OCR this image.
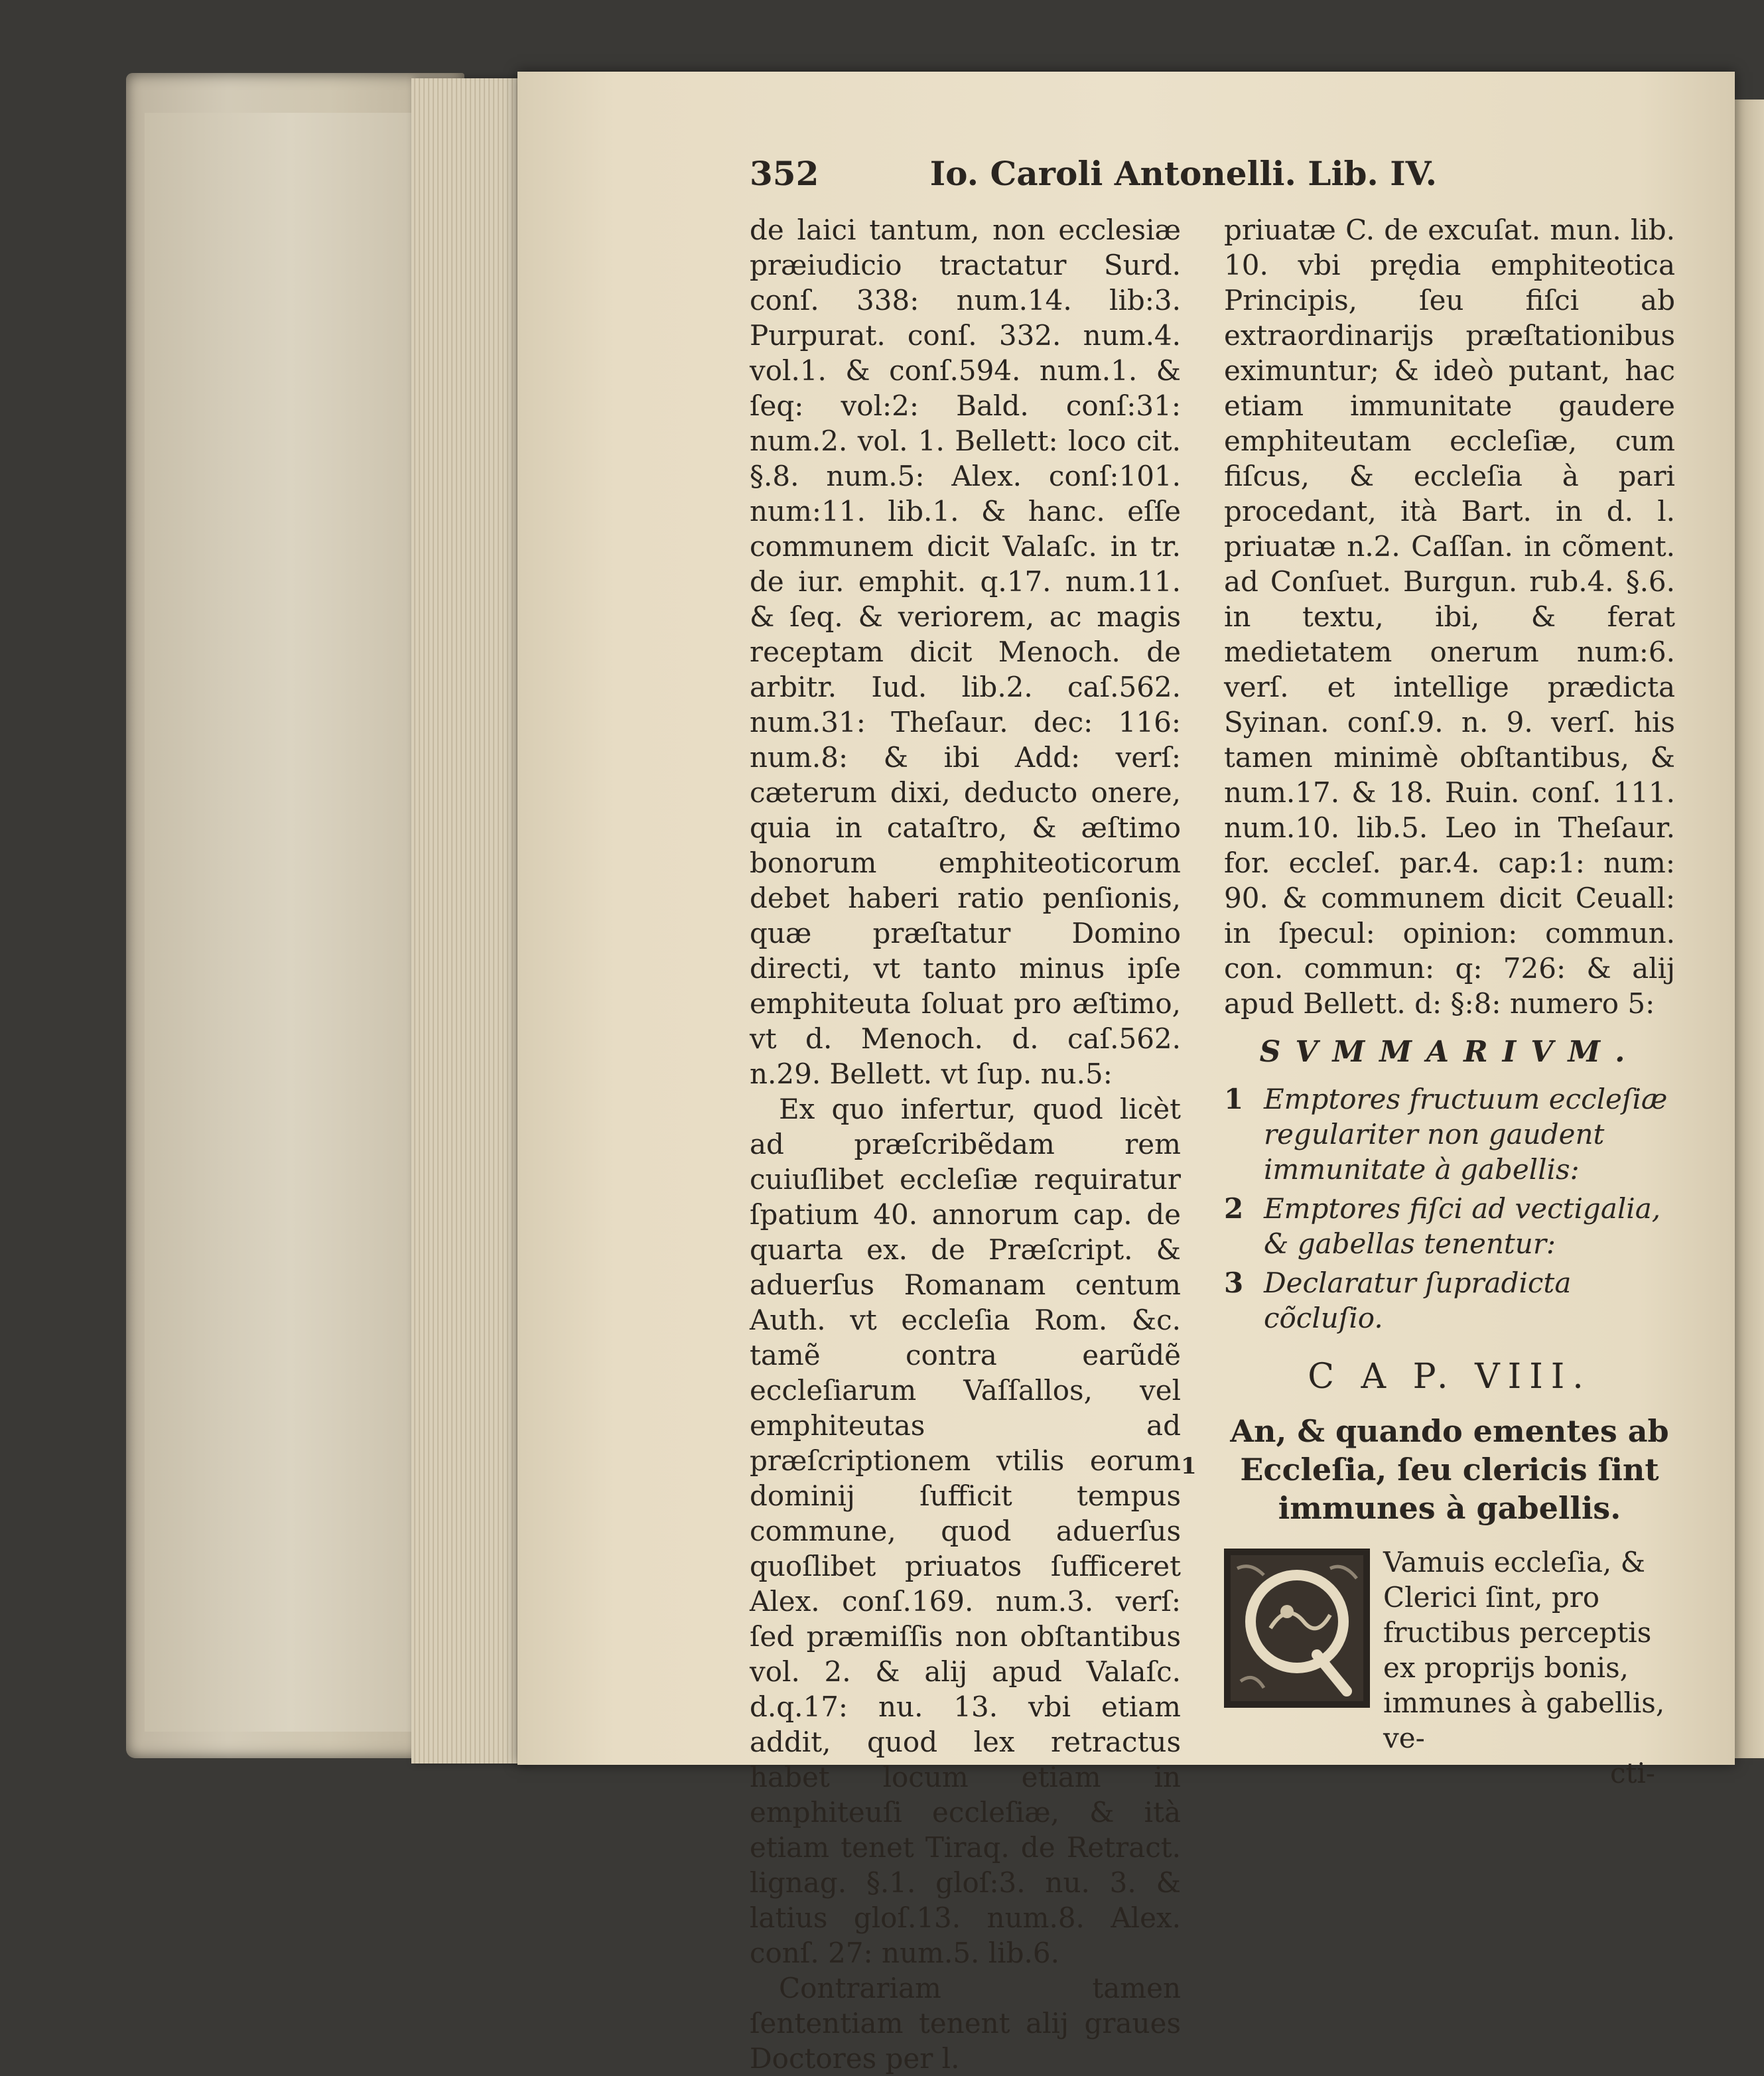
352	Io. Caroli Antonelli. Lib. IV.

de laici tantum, non ecclesiæ præiudicio tractatur Surd. conſ. 338: num.14. lib:3. Purpurat. conſ. 332. num.4. vol.1. & conſ.594. num.1. & ſeq: vol:2: Bald. conſ:31: num.2. vol. 1. Bellett: loco cit. §.8. num.5: Alex. conſ:101. num:11. lib.1. & hanc. eſſe communem dicit Valaſc. in tr. de iur. emphit. q.17. num.11. & ſeq. & veriorem, ac magis receptam dicit Menoch. de arbitr. Iud. lib.2. caſ.562. num.31: Theſaur. dec: 116: num.8: & ibi Add: verſ: cæterum dixi, deducto onere, quia in cataſtro, & æſtimo bonorum emphiteoticorum debet haberi ratio penſionis, quæ præſtatur Domino directi, vt tanto minus ipſe emphiteuta ſoluat pro æſtimo, vt d. Menoch. d. caſ.562. n.29. Bellett. vt ſup. nu.5:

Ex quo infertur, quod licèt ad præſcribẽdam rem cuiuſlibet eccleſiæ requiratur ſpatium 40. annorum cap. de quarta ex. de Præſcript. & aduerſus Romanam centum Auth. vt eccleſia Rom. &c. tamẽ contra earũdẽ eccleſiarum Vaſſallos, vel emphiteutas ad præſcriptionem vtilis eorum dominij ſufficit tempus commune, quod aduerſus quoſlibet priuatos ſufficeret Alex. conſ.169. num.3. verſ: ſed præmiſſis non obſtantibus vol. 2. & alij apud Valaſc. d.q.17: nu. 13. vbi etiam addit, quod lex retractus habet locum etiam in emphiteuſi eccleſiæ, & ità etiam tenet Tiraq. de Retract. lignag. §.1. gloſ:3. nu. 3. & latius gloſ.13. num.8. Alex. conſ. 27: num.5. lib.6.

Contrariam tamen ſententiam tenent alij graues Doctores per l.

priuatæ C. de excuſat. mun. lib. 10. vbi prędia emphiteotica Principis, ſeu fiſci ab extraordinarijs præſtationibus eximuntur; & ideò putant, hac etiam immunitate gaudere emphiteutam eccleſiæ, cum fiſcus, & eccleſia à pari procedant, ità Bart. in d. l. priuatæ n.2. Caſſan. in cõment. ad Conſuet. Burgun. rub.4. §.6. in textu, ibi, & ferat medietatem onerum num:6. verſ. et intellige prædicta Syinan. conſ.9. n. 9. verſ. his tamen minimè obſtantibus, & num.17. & 18. Ruin. conſ. 111. num.10. lib.5. Leo in Theſaur. for. eccleſ. par.4. cap:1: num: 90. & communem dicit Ceuall: in ſpecul: opinion: commun. con. commun: q: 726: & alij apud Bellett. d: §:8: numero 5:

SVMMARIVM.
1 Emptores fructuum eccleſiæ regulariter non gaudent immunitate à gabellis:
2 Emptores fiſci ad vectigalia, & gabellas tenentur:
3 Declaratur ſupradicta cõcluſio.
C A P. VIII.
An, & quando ementes ab Eccleſia, ſeu clericis ſint immunes à gabellis.

Vamuis eccleſia, & Clerici ſint, pro fructibus perceptis ex proprijs bonis, immunes à gabellis, ve-

cti-
1
